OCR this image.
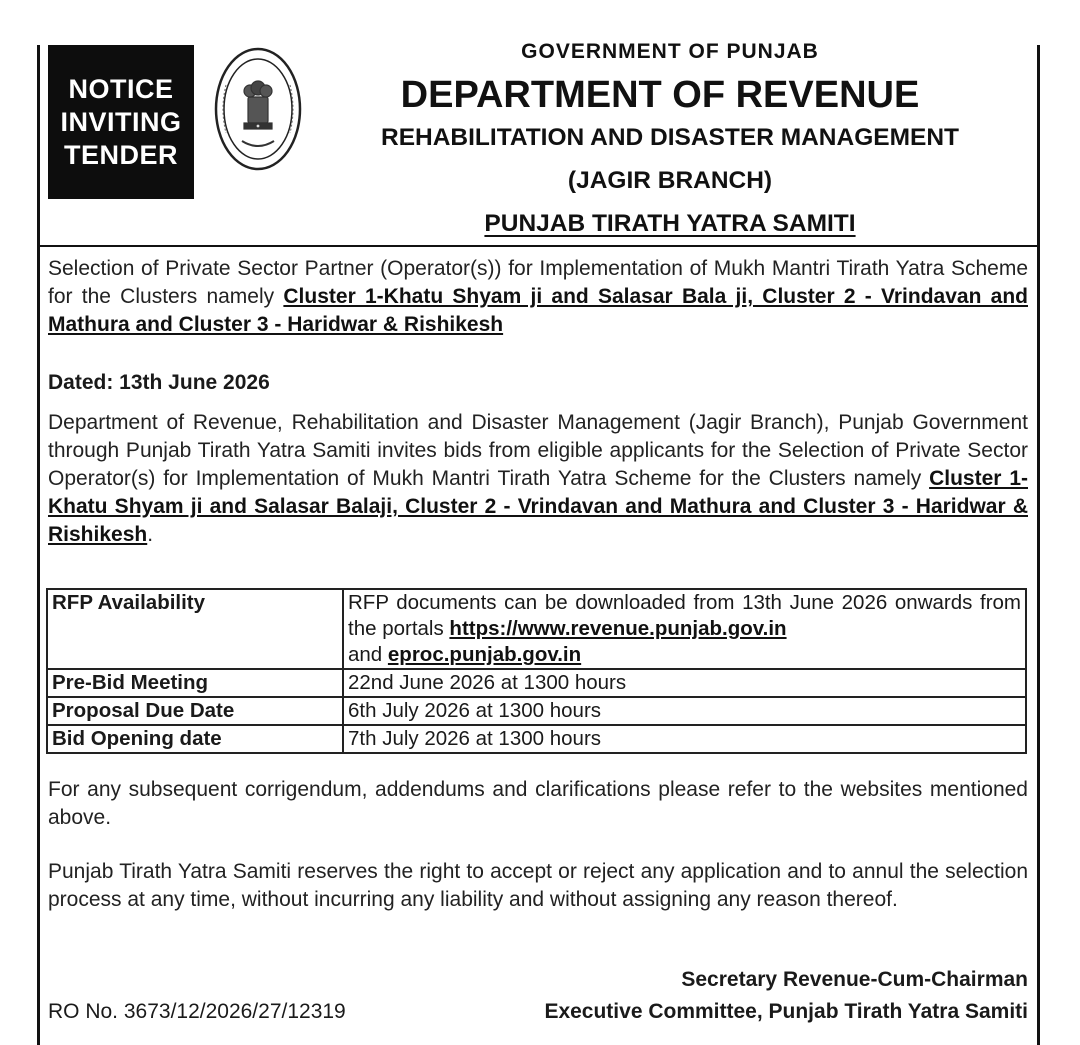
NOTICE
INVITING
TENDER
GOVERNMENT OF PUNJAB
DEPARTMENT OF REVENUE
REHABILITATION AND DISASTER MANAGEMENT
(JAGIR BRANCH)
PUNJAB TIRATH YATRA SAMITI
Selection of Private Sector Partner (Operator(s)) for Implementation of Mukh Mantri Tirath Yatra Scheme for the Clusters namely Cluster 1-Khatu Shyam ji and Salasar Bala ji, Cluster 2 - Vrindavan and Mathura and Cluster 3 - Haridwar & Rishikesh
Dated: 13th June 2026
Department of Revenue, Rehabilitation and Disaster Management (Jagir Branch), Punjab Government through Punjab Tirath Yatra Samiti invites bids from eligible applicants for the Selection of Private Sector Operator(s) for Implementation of Mukh Mantri Tirath Yatra Scheme for the Clusters namely Cluster 1-Khatu Shyam ji and Salasar Balaji, Cluster 2 - Vrindavan and Mathura and Cluster 3 - Haridwar & Rishikesh.
RFP Availability	RFP documents can be downloaded from 13th June 2026 onwards from the portals https://www.revenue.punjab.gov.in
and eproc.punjab.gov.in
Pre-Bid Meeting	22nd June 2026 at 1300 hours
Proposal Due Date	6th July 2026 at 1300 hours
Bid Opening date	7th July 2026 at 1300 hours
For any subsequent corrigendum, addendums and clarifications please refer to the websites mentioned above.
Punjab Tirath Yatra Samiti reserves the right to accept or reject any application and to annul the selection process at any time, without incurring any liability and without assigning any reason thereof.
Secretary Revenue-Cum-Chairman
RO No. 3673/12/2026/27/12319	Executive Committee, Punjab Tirath Yatra Samiti
